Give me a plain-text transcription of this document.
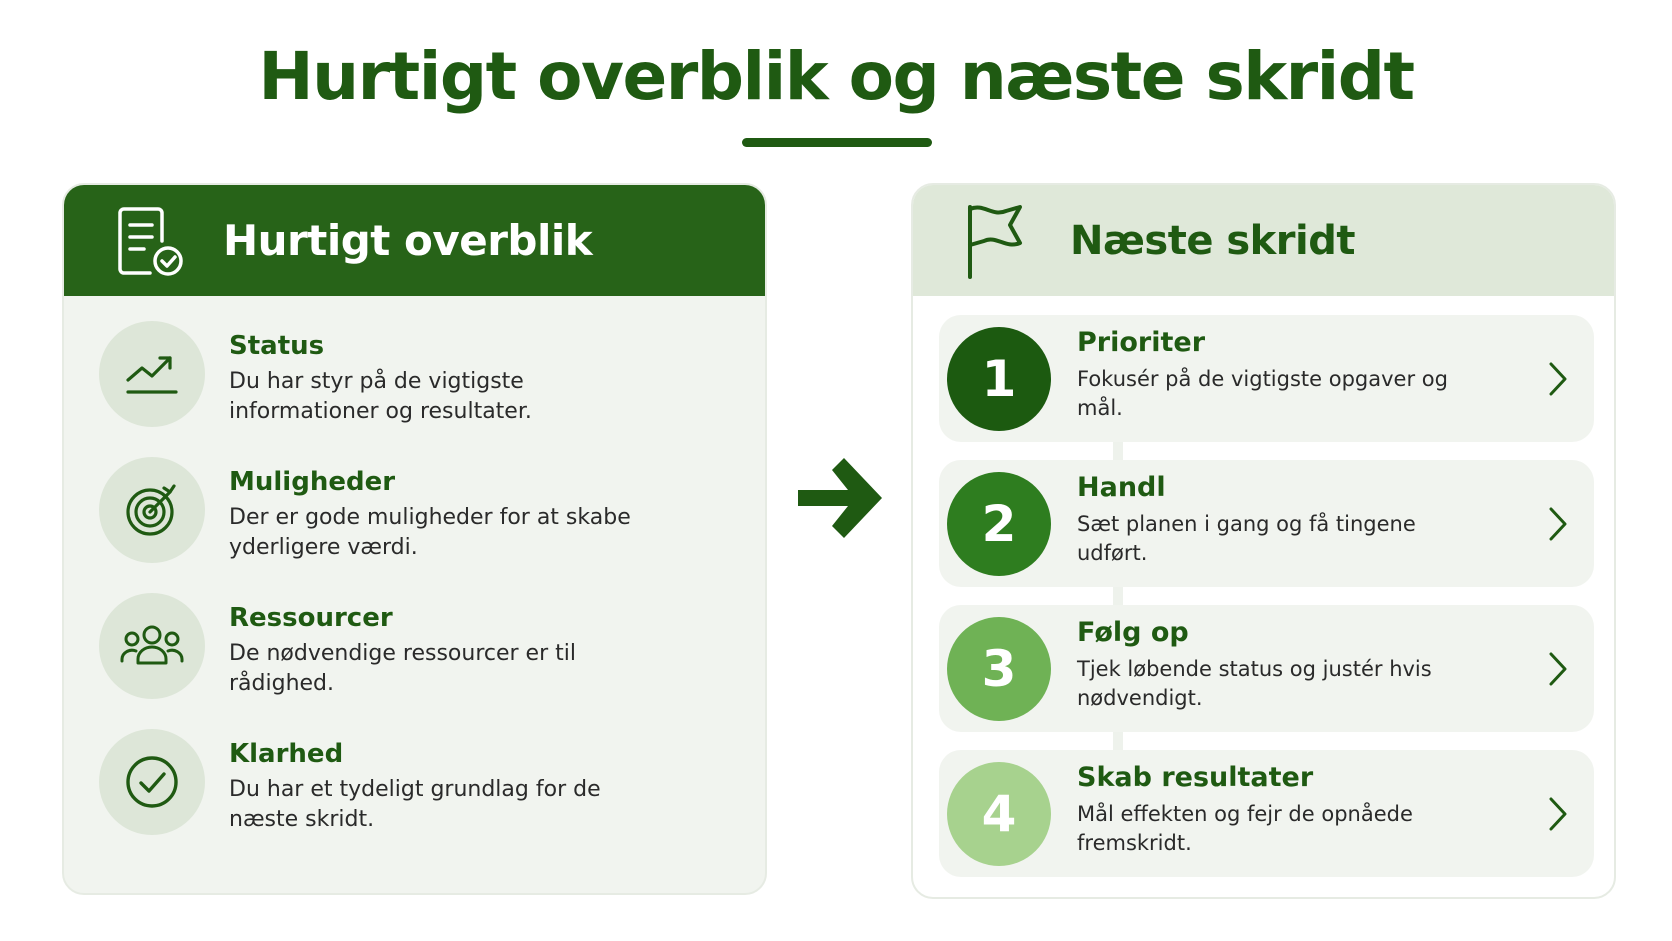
Hurtigt overblik og næste skridt
Hurtigt overblik
Status
Du har styr på de vigtigste informationer og resultater.
Muligheder
Der er gode muligheder for at skabe yderligere værdi.
Ressourcer
De nødvendige ressourcer er til rådighed.
Klarhed
Du har et tydeligt grundlag for de næste skridt.
Næste skridt
1
Prioriter
Fokusér på de vigtigste opgaver og mål.
2
Handl
Sæt planen i gang og få tingene udført.
3
Følg op
Tjek løbende status og justér hvis nødvendigt.
4
Skab resultater
Mål effekten og fejr de opnåede fremskridt.
